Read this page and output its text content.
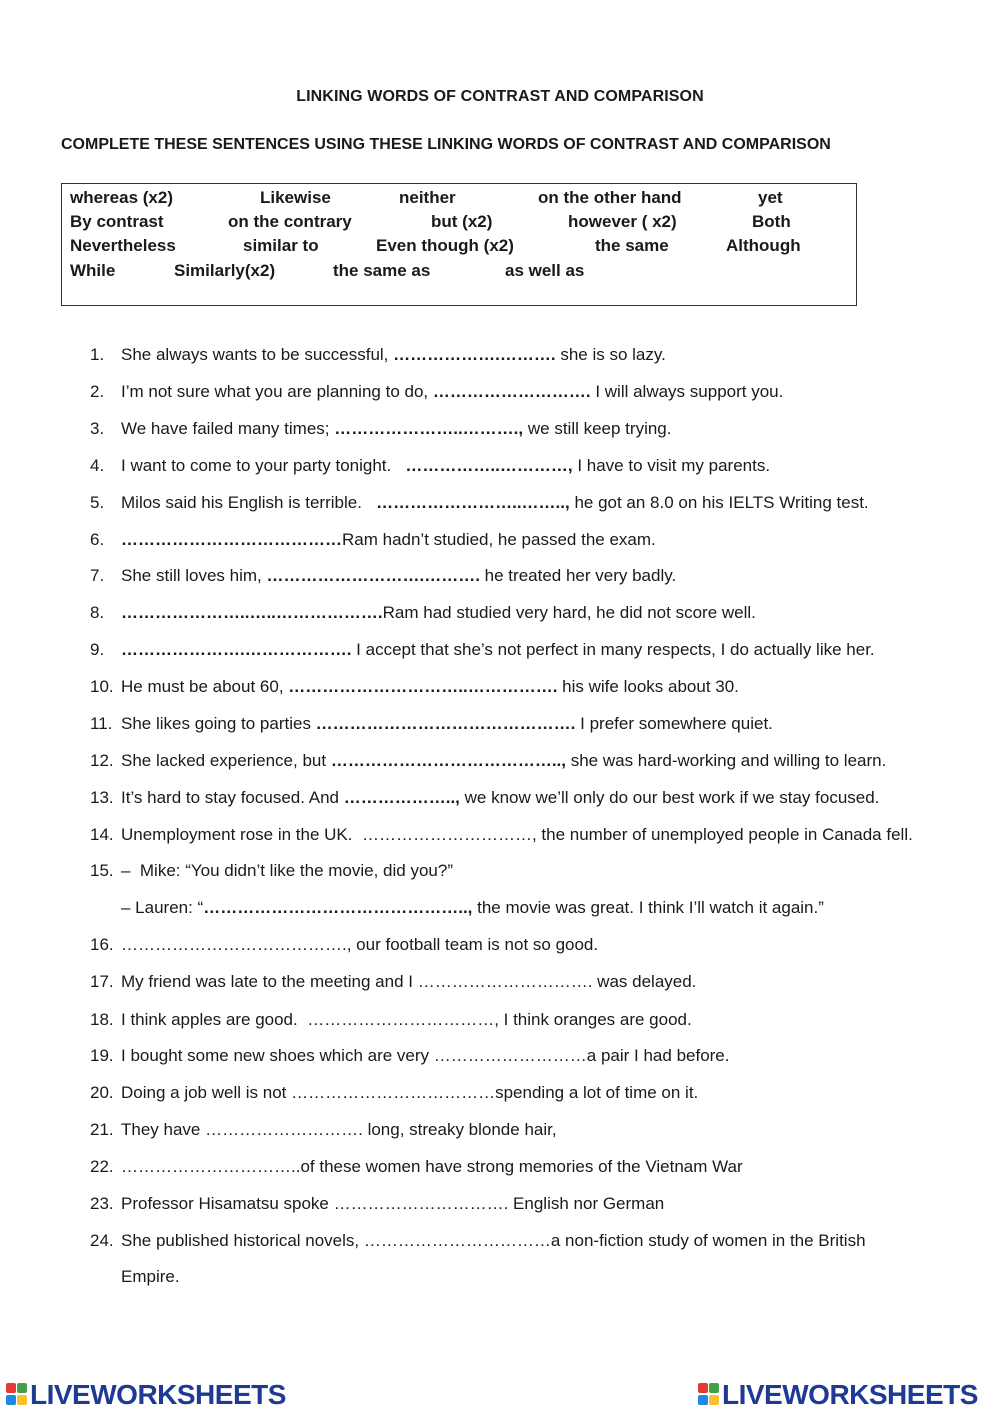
LINKING WORDS OF CONTRAST AND COMPARISON
COMPLETE THESE SENTENCES USING THESE LINKING WORDS OF CONTRAST AND COMPARISON
whereas (x2)	Likewise	neither	on the other hand	yet
By contrast	on the contrary	but (x2)	however ( x2)	Both
Nevertheless	similar to	Even though (x2)	the same	Although
While	Similarly(x2)	the same as	as well as
1. She always wants to be successful, ……………….………. she is so lazy.
2. I’m not sure what you are planning to do, ………………………. I will always support you.
3. We have failed many times; …………………..………., we still keep trying.
4. I want to come to your party tonight.   ……………..…………, I have to visit my parents.
5. Milos said his English is terrible.   ……………………..…….., he got an 8.0 on his IELTS Writing test.
6. …………………………………Ram hadn’t studied, he passed the exam.
7. She still loves him, ……………………….………. he treated her very badly.
8. …………………..…..……………….Ram had studied very hard, he did not score well.
9. ………………….………………. I accept that she’s not perfect in many respects, I do actually like her.
10. He must be about 60, …………………………..……………. his wife looks about 30.
11. She likes going to parties ………………………………………. I prefer somewhere quiet.
12. She lacked experience, but ………………………………….., she was hard-working and willing to learn.
13. It’s hard to stay focused. And ……………….., we know we’ll only do our best work if we stay focused.
14. Unemployment rose in the UK.  …………………………, the number of unemployed people in Canada fell.
15. –  Mike: “You didn’t like the movie, did you?”
16. …………………………………., our football team is not so good.
17. My friend was late to the meeting and I …………………………. was delayed.
18. I think apples are good.  ……………………………, I think oranges are good.
19. I bought some new shoes which are very ………………………a pair I had before.
20. Doing a job well is not ………………………………spending a lot of time on it.
21. They have ………………………. long, streaky blonde hair,
22. …………………………..of these women have strong memories of the Vietnam War
23. Professor Hisamatsu spoke …………………………. English nor German
24. She published historical novels, ……………………………a non-fiction study of women in the British
– Lauren: “……………………………………….., the movie was great. I think I’ll watch it again.”
Empire.
LIVEWORKSHEETS	LIVEWORKSHEETS
